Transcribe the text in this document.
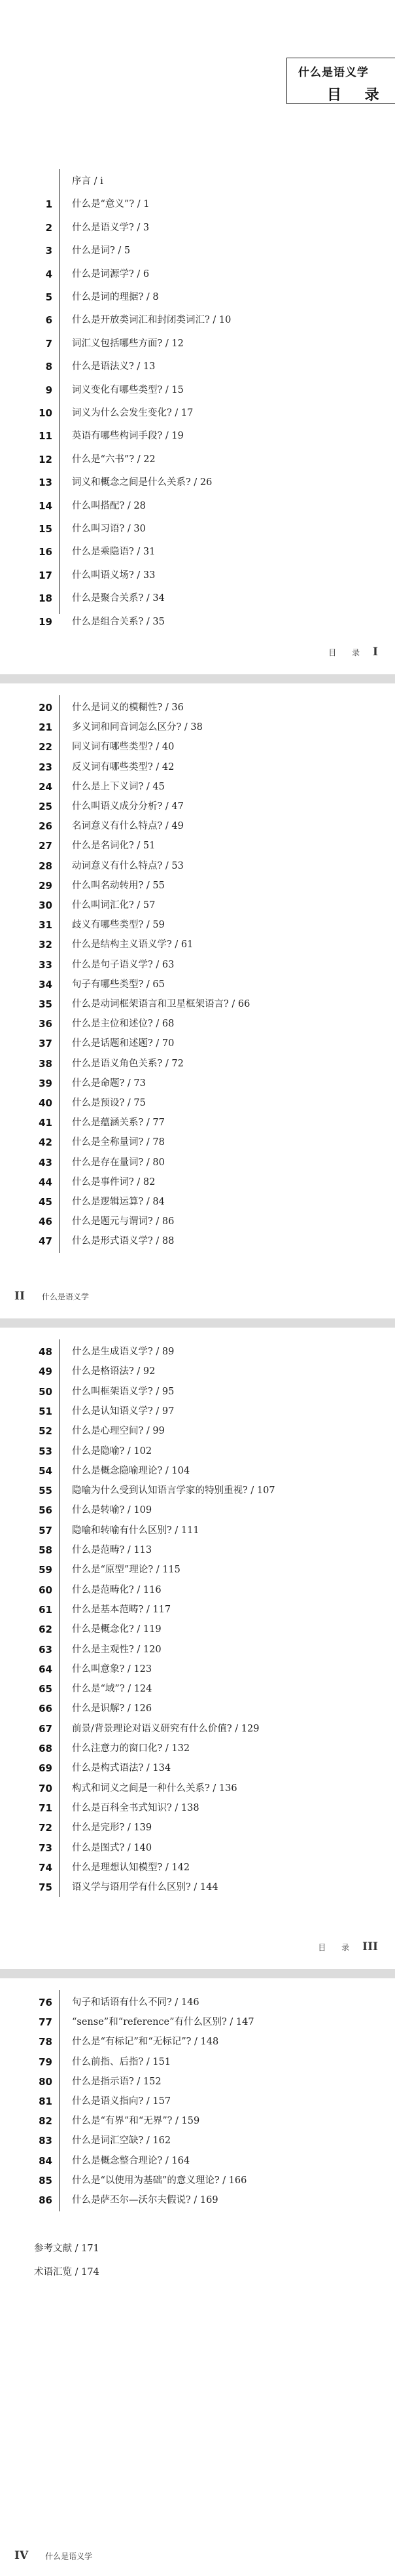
什么是语义学
目 录
序言 / i
1 什么是“意义”? / 1
2 什么是语义学? / 3
3 什么是词? / 5
4 什么是词源学? / 6
5 什么是词的理据? / 8
6 什么是开放类词汇和封闭类词汇? / 10
7 词汇义包括哪些方面? / 12
8 什么是语法义? / 13
9 词义变化有哪些类型? / 15
10 词义为什么会发生变化? / 17
11 英语有哪些构词手段? / 19
12 什么是“六书”? / 22
13 词义和概念之间是什么关系? / 26
14 什么叫搭配? / 28
15 什么叫习语? / 30
16 什么是乘隐语? / 31
17 什么叫语义场? / 33
18 什么是聚合关系? / 34
19 什么是组合关系? / 35
目 录 I
20 什么是词义的模糊性? / 36
21 多义词和同音词怎么区分? / 38
22 同义词有哪些类型? / 40
23 反义词有哪些类型? / 42
24 什么是上下义词? / 45
25 什么叫语义成分分析? / 47
26 名词意义有什么特点? / 49
27 什么是名词化? / 51
28 动词意义有什么特点? / 53
29 什么叫名动转用? / 55
30 什么叫词汇化? / 57
31 歧义有哪些类型? / 59
32 什么是结构主义语义学? / 61
33 什么是句子语义学? / 63
34 句子有哪些类型? / 65
35 什么是动词框架语言和卫星框架语言? / 66
36 什么是主位和述位? / 68
37 什么是话题和述题? / 70
38 什么是语义角色关系? / 72
39 什么是命题? / 73
40 什么是预设? / 75
41 什么是蕴涵关系? / 77
42 什么是全称量词? / 78
43 什么是存在量词? / 80
44 什么是事件词? / 82
45 什么是逻辑运算? / 84
46 什么是题元与谓词? / 86
47 什么是形式语义学? / 88
II 什么是语义学
48 什么是生成语义学? / 89
49 什么是格语法? / 92
50 什么叫框架语义学? / 95
51 什么是认知语义学? / 97
52 什么是心理空间? / 99
53 什么是隐喻? / 102
54 什么是概念隐喻理论? / 104
55 隐喻为什么受到认知语言学家的特别重视? / 107
56 什么是转喻? / 109
57 隐喻和转喻有什么区别? / 111
58 什么是范畴? / 113
59 什么是“原型”理论? / 115
60 什么是范畴化? / 116
61 什么是基本范畴? / 117
62 什么是概念化? / 119
63 什么是主观性? / 120
64 什么叫意象? / 123
65 什么是“域”? / 124
66 什么是识解? / 126
67 前景/背景理论对语义研究有什么价值? / 129
68 什么注意力的窗口化? / 132
69 什么是构式语法? / 134
70 构式和词义之间是一种什么关系? / 136
71 什么是百科全书式知识? / 138
72 什么是完形? / 139
73 什么是图式? / 140
74 什么是理想认知模型? / 142
75 语义学与语用学有什么区别? / 144
目 录 III
76 句子和话语有什么不同? / 146
77 “sense”和“reference”有什么区别? / 147
78 什么是“有标记”和“无标记”? / 148
79 什么前指、后指? / 151
80 什么是指示语? / 152
81 什么是语义指向? / 157
82 什么是“有界”和“无界”? / 159
83 什么是词汇空缺? / 162
84 什么是概念整合理论? / 164
85 什么是“以使用为基础”的意义理论? / 166
86 什么是萨丕尔—沃尔夫假说? / 169
参考文献 / 171
术语汇览 / 174
IV 什么是语义学
